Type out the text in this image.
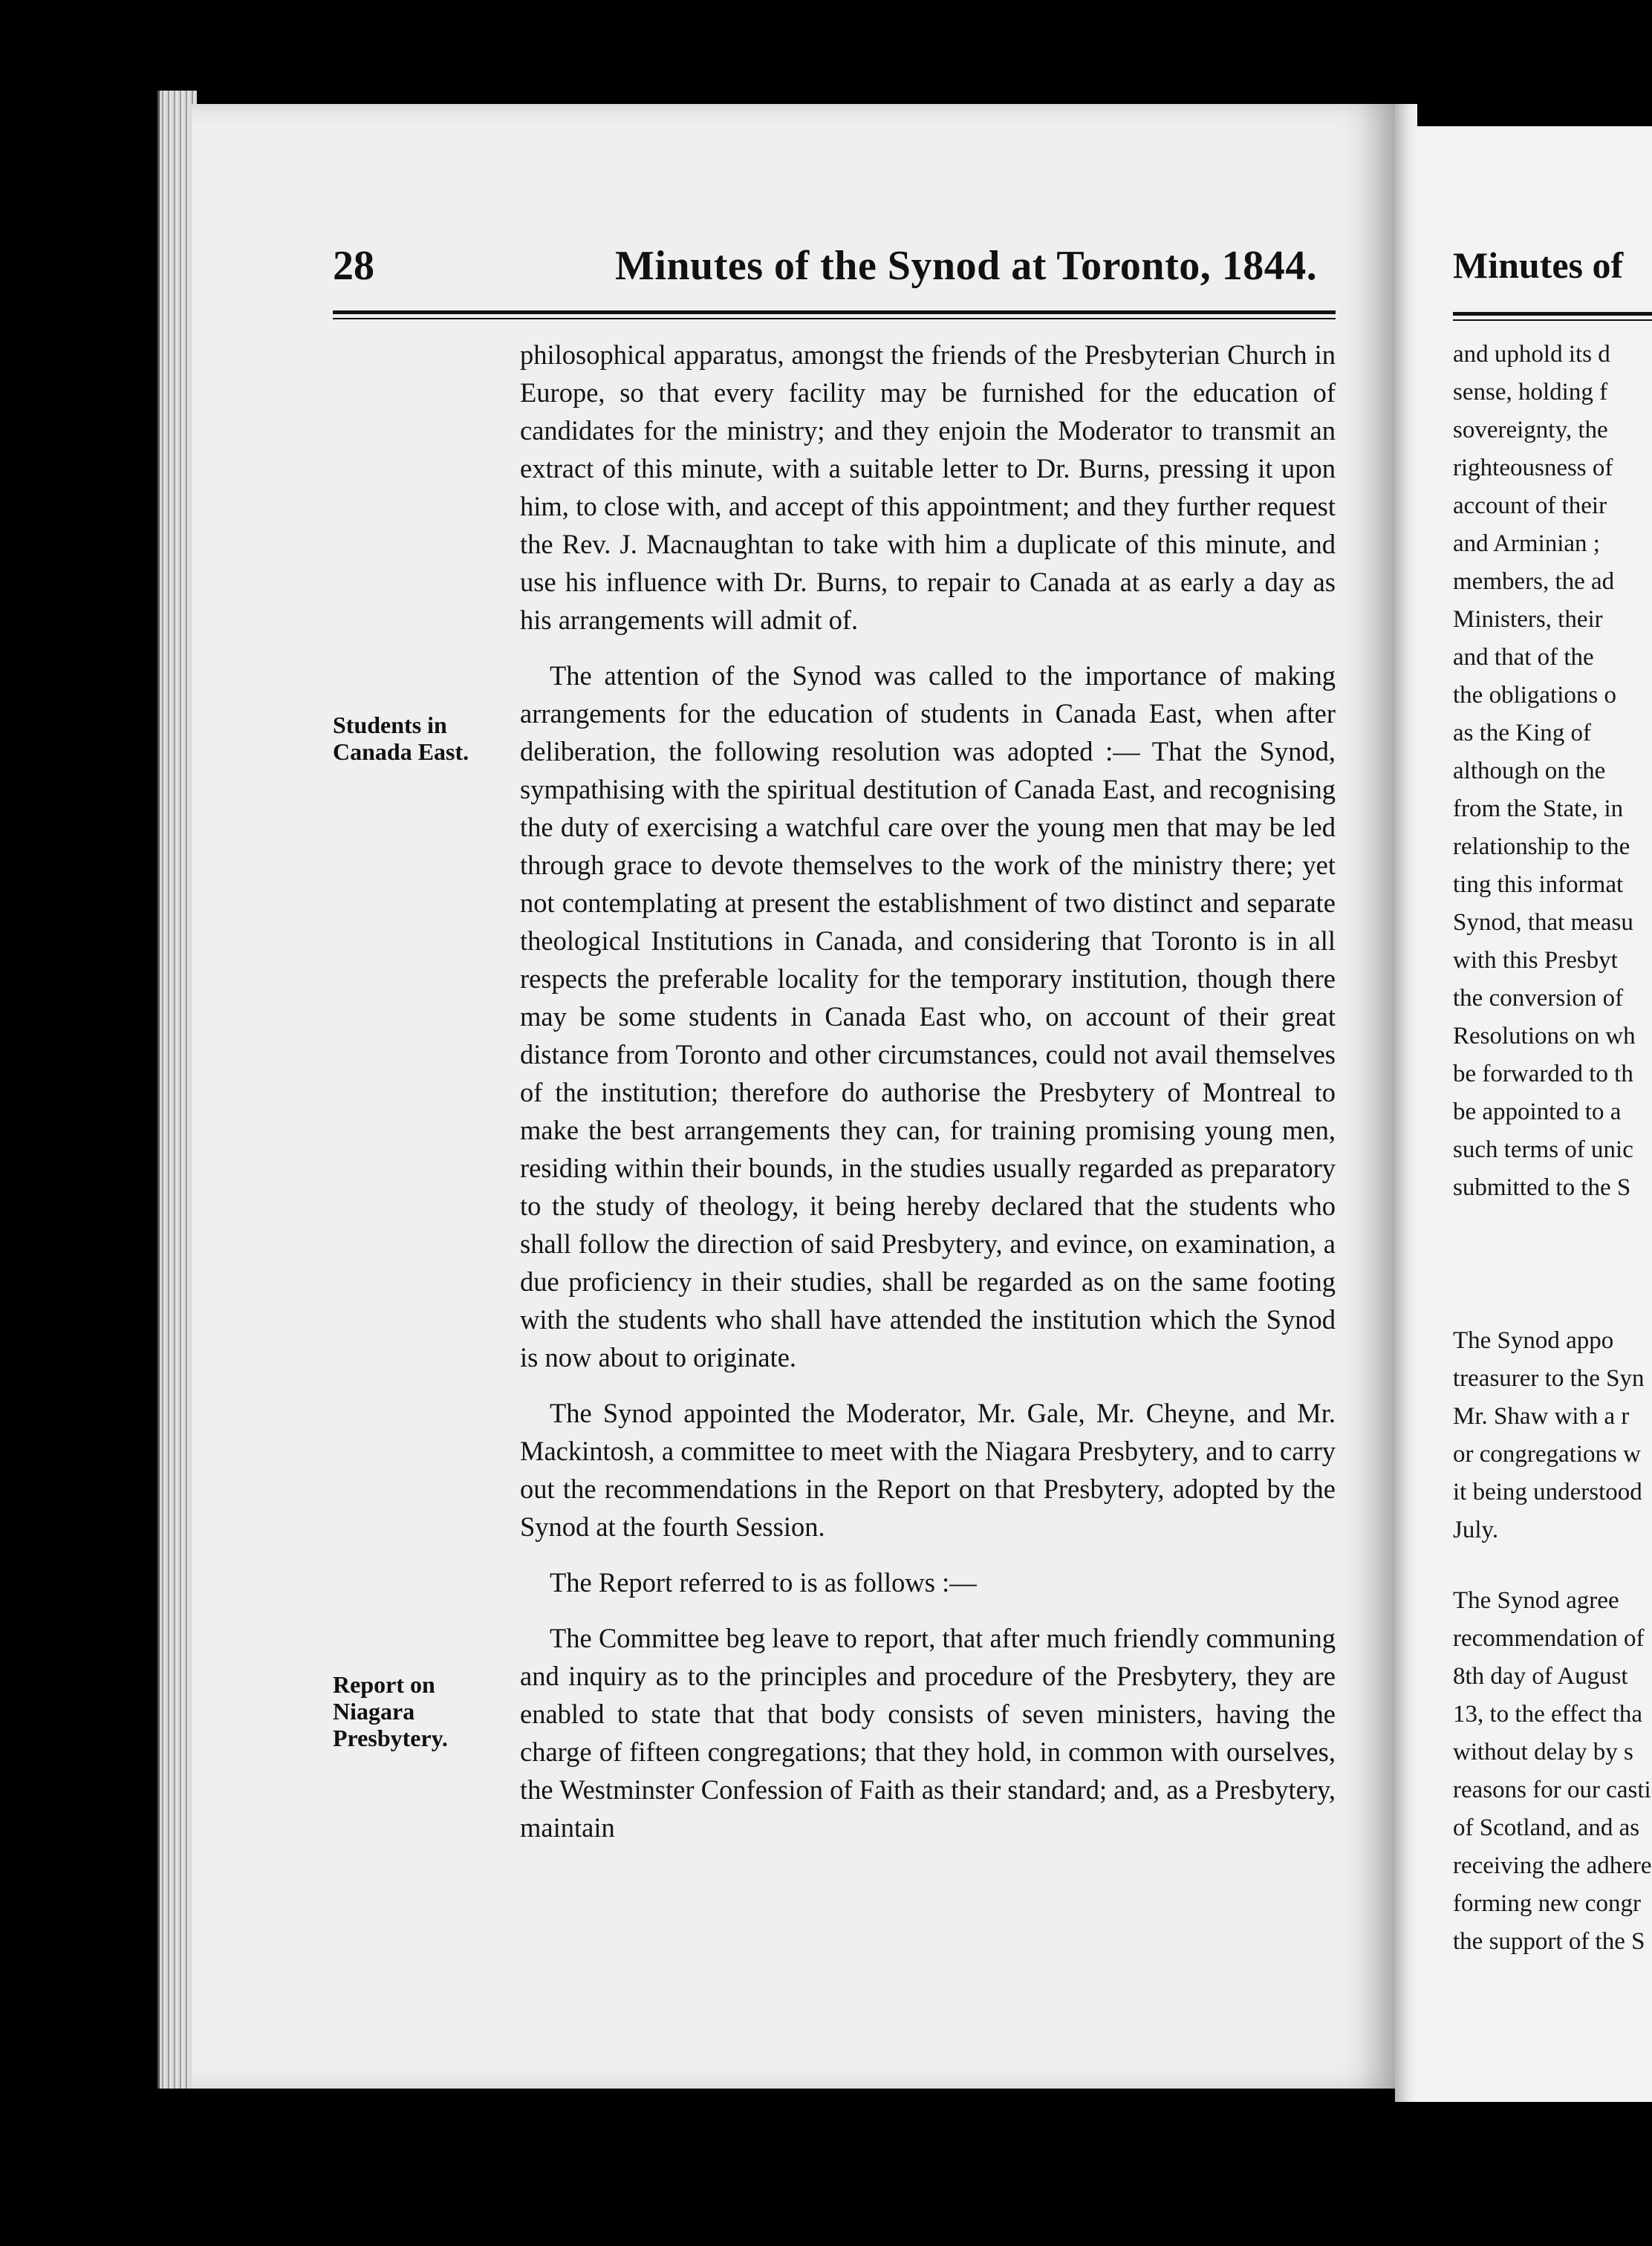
28	Minutes of the Synod at Toronto, 1844.
Students in
Canada East.
Report on
Niagara
Presbytery.

philosophical apparatus, amongst the friends of the Presbyterian Church in Europe, so that every facility may be furnished for the education of candidates for the ministry; and they enjoin the Moderator to transmit an extract of this minute, with a suitable letter to Dr. Burns, pressing it upon him, to close with, and accept of this appointment; and they further request the Rev. J. Macnaughtan to take with him a duplicate of this minute, and use his influence with Dr. Burns, to repair to Canada at as early a day as his arrangements will admit of.

The attention of the Synod was called to the importance of making arrangements for the education of students in Canada East, when after deliberation, the following resolution was adopted :— That the Synod, sympathising with the spiritual destitution of Canada East, and recognising the duty of exercising a watchful care over the young men that may be led through grace to devote themselves to the work of the ministry there; yet not contemplating at present the establishment of two distinct and separate theological Institutions in Canada, and considering that Toronto is in all respects the preferable locality for the temporary institution, though there may be some students in Canada East who, on account of their great distance from Toronto and other circumstances, could not avail themselves of the institution; therefore do authorise the Presbytery of Montreal to make the best arrangements they can, for training promising young men, residing within their bounds, in the studies usually regarded as preparatory to the study of theology, it being hereby declared that the students who shall follow the direction of said Presbytery, and evince, on examination, a due proficiency in their studies, shall be regarded as on the same footing with the students who shall have attended the institution which the Synod is now about to originate.

The Synod appointed the Moderator, Mr. Gale, Mr. Cheyne, and Mr. Mackintosh, a committee to meet with the Niagara Presbytery, and to carry out the recommendations in the Report on that Presbytery, adopted by the Synod at the fourth Session.

The Report referred to is as follows :—

The Committee beg leave to report, that after much friendly communing and inquiry as to the principles and procedure of the Presbytery, they are enabled to state that that body consists of seven ministers, having the charge of fifteen congregations; that they hold, in common with ourselves, the Westminster Confession of Faith as their standard; and, as a Presbytery, maintain

Minutes of
and uphold its d
sense, holding f
sovereignty, the
righteousness of
account of their
and Arminian ;
members, the ad
Ministers, their
and that of the
the obligations o
as the King of
although on the
from the State, in
relationship to the
ting this informat
Synod, that measu
with this Presbyt
the conversion of
Resolutions on wh
be forwarded to th
be appointed to a
such terms of unic
submitted to the S
The Synod appo
treasurer to the Syn
Mr. Shaw with a r
or congregations w
it being understood
July.
The Synod agree
recommendation of
8th day of August
13, to the effect tha
without delay by s
reasons for our casti
of Scotland, and as
receiving the adhere
forming new congr
the support of the S
